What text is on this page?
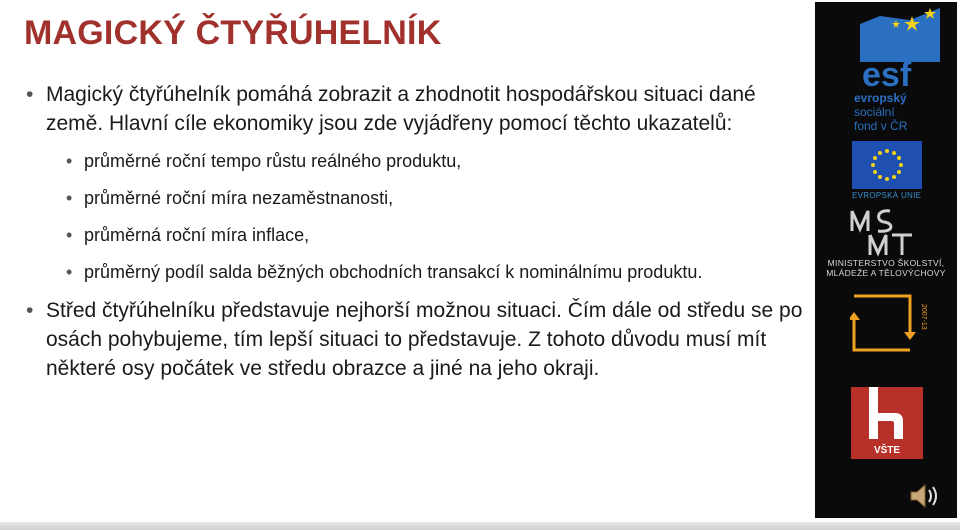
MAGICKÝ ČTYŘÚHELNÍK
• Magický čtyřúhelník pomáhá zobrazit a zhodnotit hospodářskou situaci dané země. Hlavní cíle ekonomiky jsou zde vyjádřeny pomocí těchto ukazatelů:
• průměrné roční tempo růstu reálného produktu,
• průměrné roční míra nezaměstnanosti,
• průměrná roční míra inflace,
• průměrný podíl salda běžných obchodních transakcí k nominálnímu produktu.
• Střed čtyřúhelníku představuje nejhorší možnou situaci. Čím dále od středu se po osách pohybujeme, tím lepší situaci to představuje. Z tohoto důvodu musí mít některé osy počátek ve středu obrazce a jiné na jeho okraji.
esf
evropský
sociální
fond v ČR
EVROPSKÁ UNIE
MINISTERSTVO ŠKOLSTVÍ,
MLÁDEŽE A TĚLOVÝCHOVY
2007-13
VŠTE
